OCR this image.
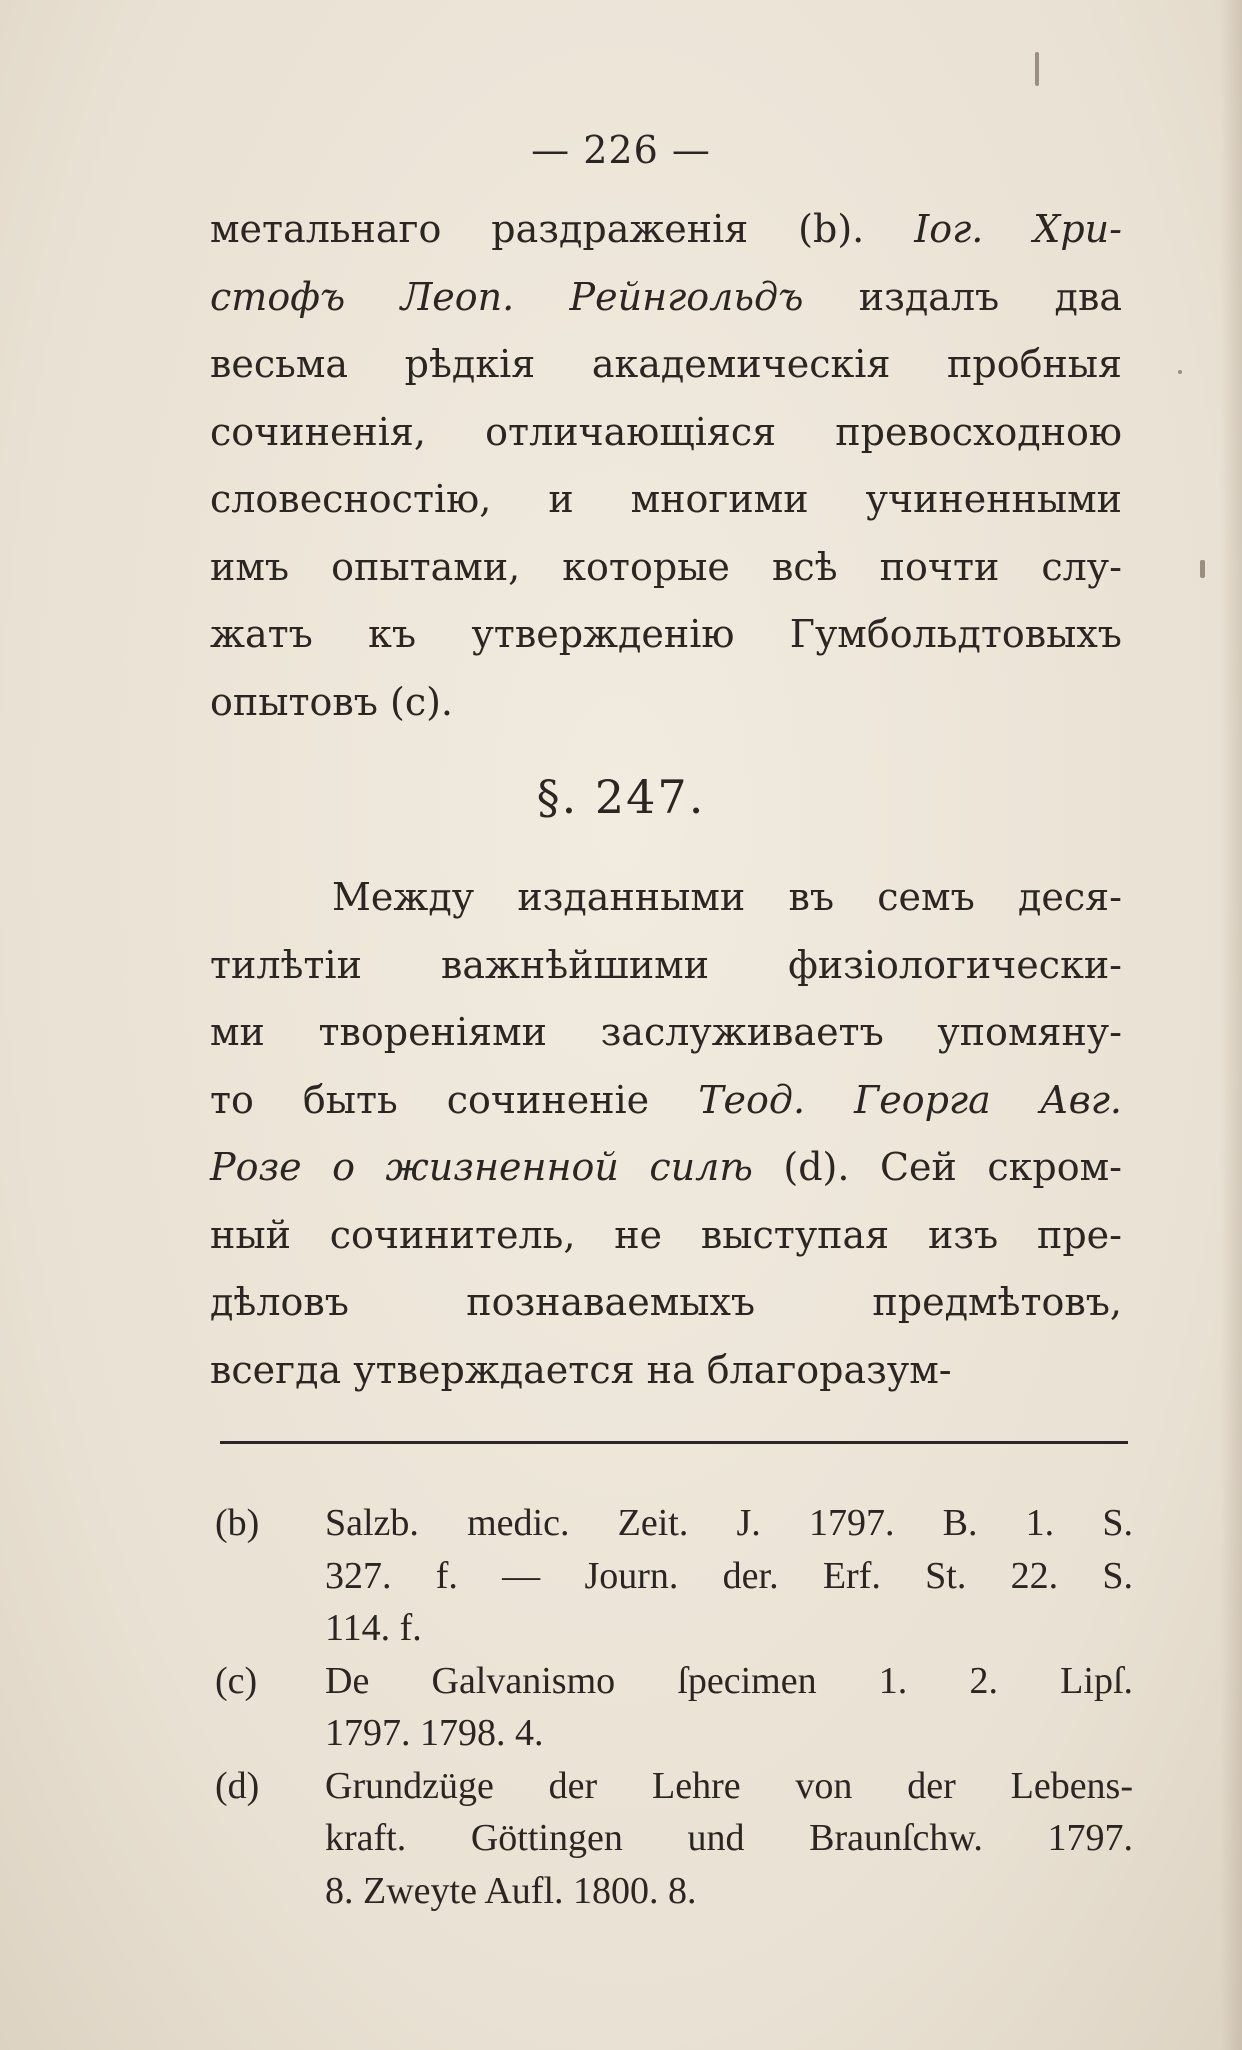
— 226 —
метальнаго раздраженія (b). Іог. Хри-
стофъ Леоп. Рейнгольдъ издалъ два
весьма рѣдкія академическія пробныя
сочиненія, отличающіяся превосходною
словесностію, и многими учиненными
имъ опытами, которые всѣ почти слу-
жатъ къ утвержденію Гумбольдтовыхъ
опытовъ (c).
§. 247.
Между изданными въ семъ деся-
тилѣтіи важнѣйшими физіологически-
ми твореніями заслуживаетъ упомяну-
то быть сочиненіе Теод. Георга Авг.
Розе о жизненной силѣ (d). Сей скром-
ный сочинитель, не выступая изъ пре-
дѣловъ познаваемыхъ предмѣтовъ,
всегда утверждается на благоразум-
(b)	Salzb. medic. Zeit. J. 1797. B. 1. S.
327. f. — Journ. der. Erf. St. 22. S.
114. f.
(c)	De Galvanismo ſpecimen 1. 2. Lipſ.
1797. 1798. 4.
(d)	Grundzüge der Lehre von der Lebens-
kraft. Göttingen und Braunſchw. 1797.
8. Zweyte Aufl. 1800. 8.
